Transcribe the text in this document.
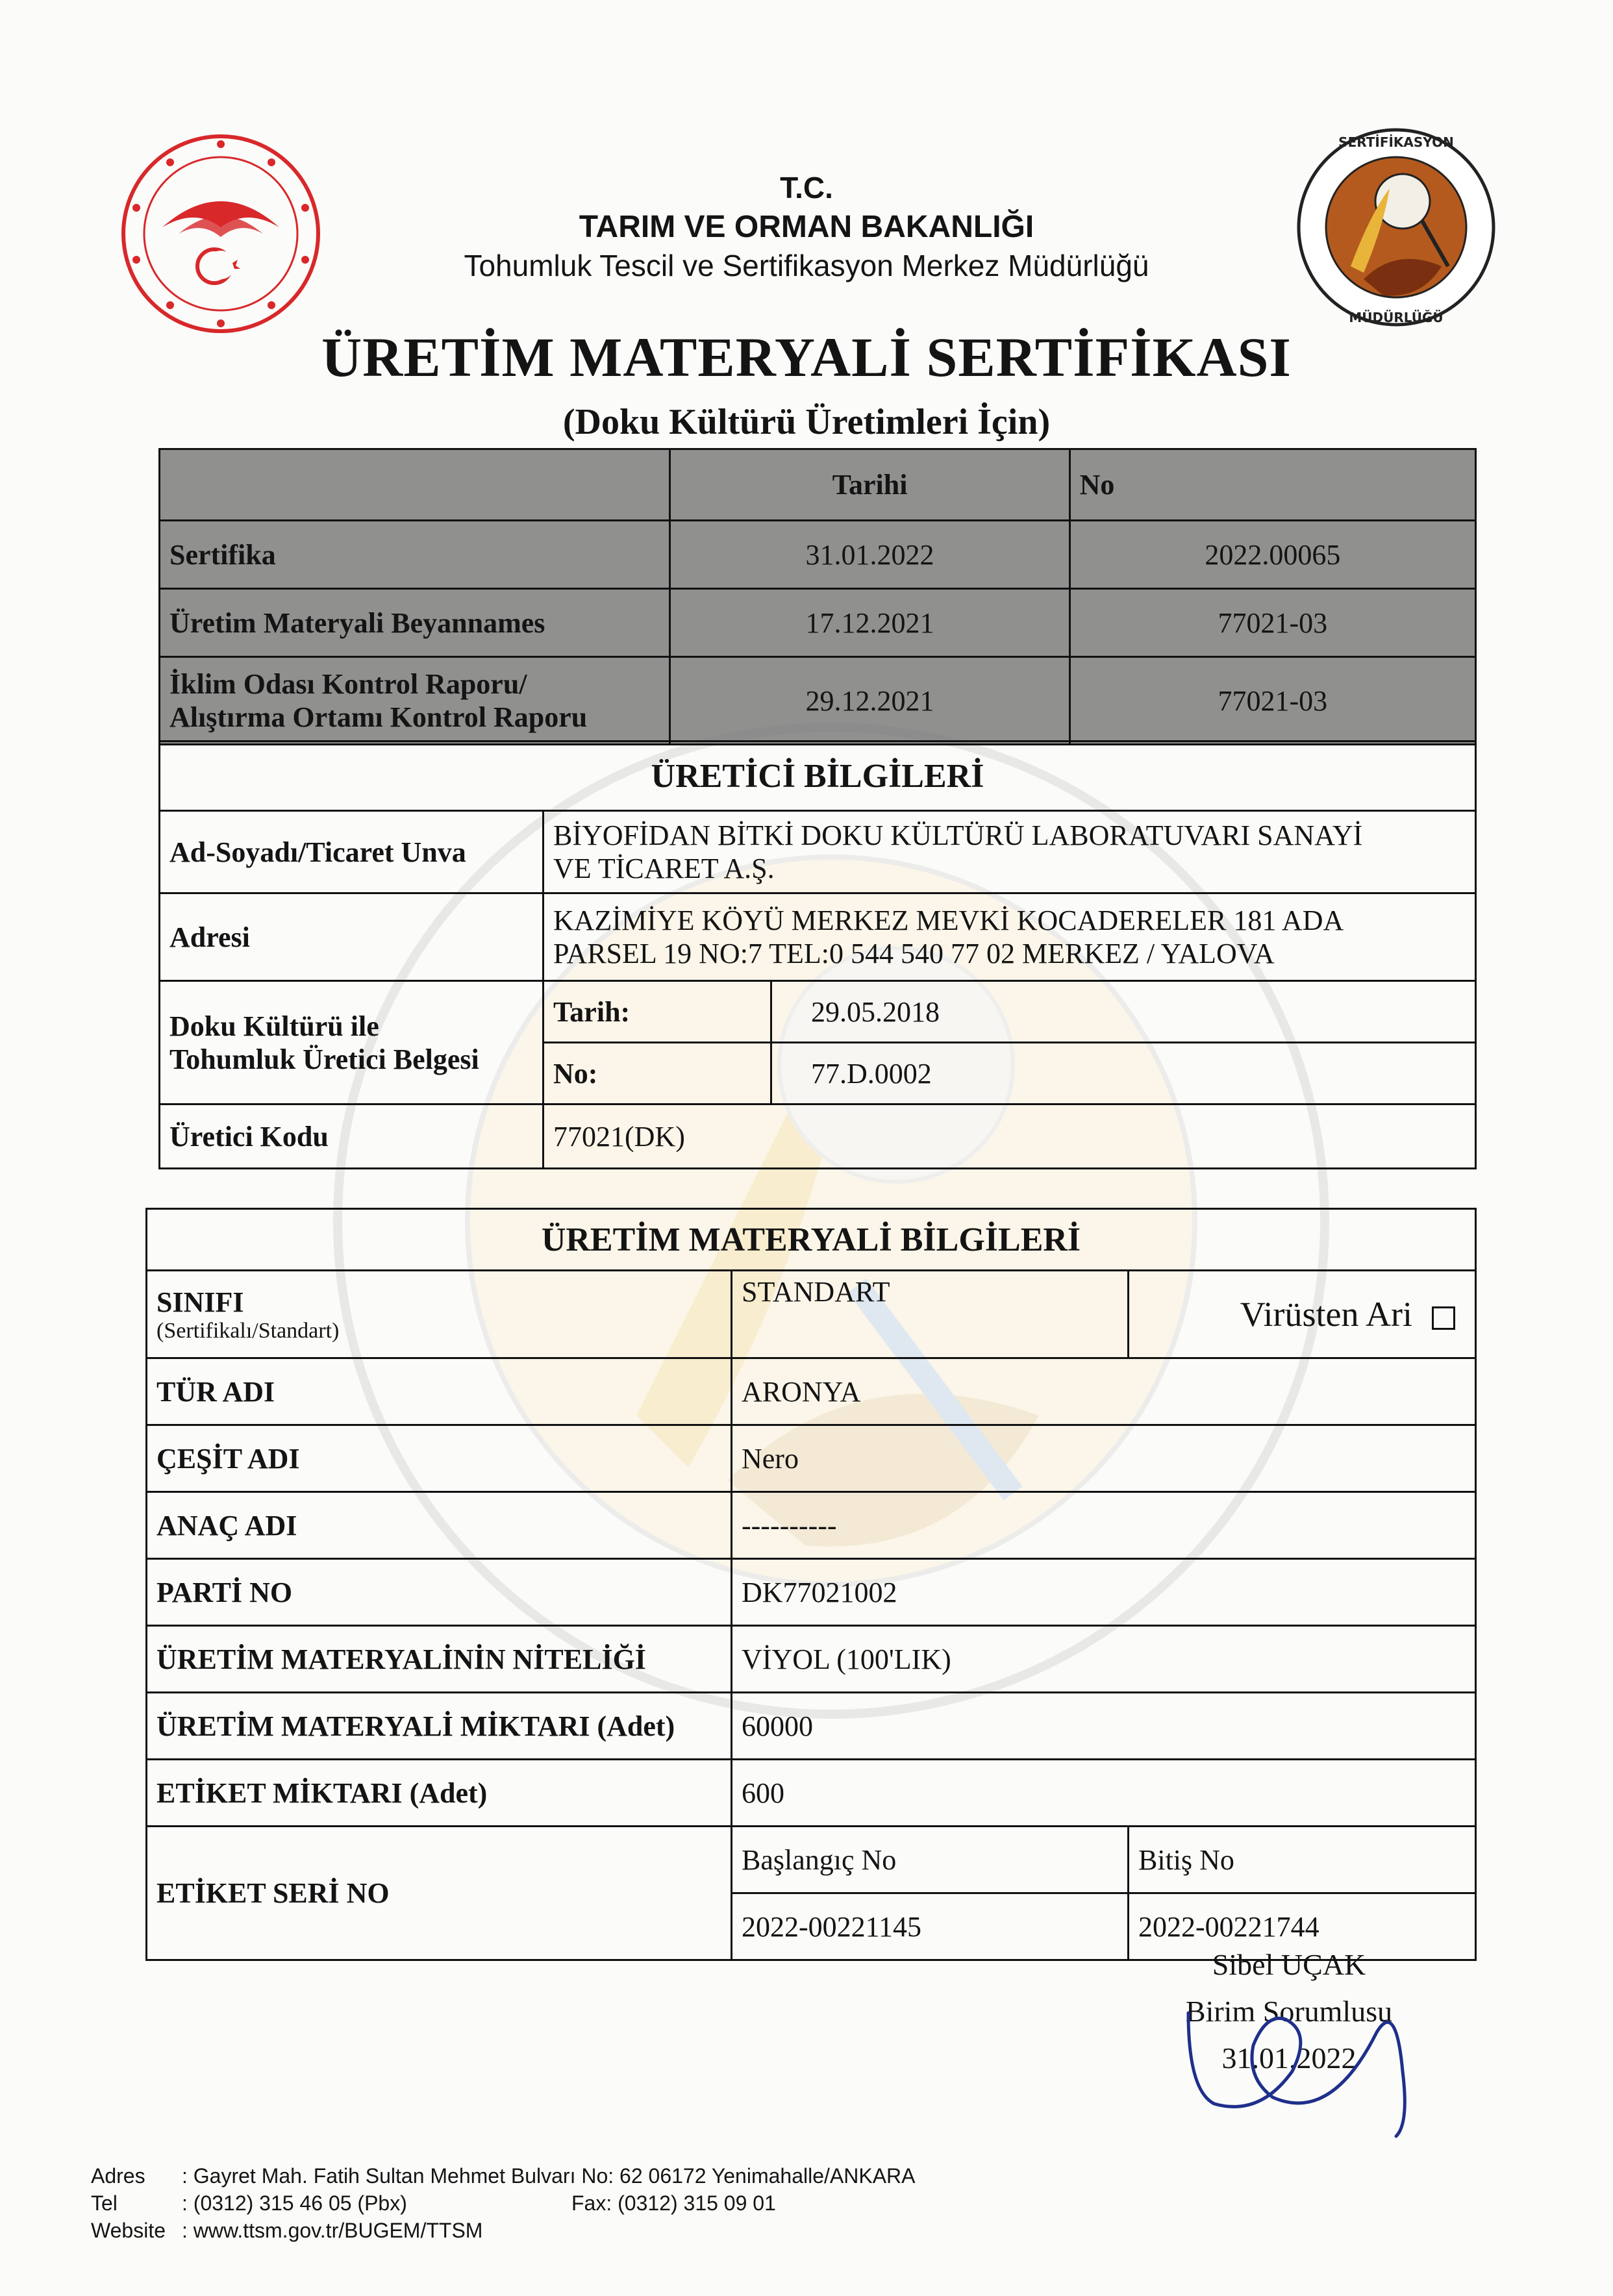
SERTİFİKASYON
MÜDÜRLÜĞÜ
T.C.
TARIM VE ORMAN BAKANLIĞI
Tohumluk Tescil ve Sertifikasyon Merkez Müdürlüğü
ÜRETİM MATERYALİ SERTİFİKASI
(Doku Kültürü Üretimleri İçin)
	Tarihi	No
Sertifika	31.01.2022	2022.00065
Üretim Materyali Beyannames	17.12.2021	77021-03

İklim Odası Kontrol Raporu/
Alıştırma Ortamı Kontrol Raporu	29.12.2021	77021-03
ÜRETİCİ BİLGİLERİ		
Ad-Soyadı/Ticaret Unva	BİYOFİDAN BİTKİ DOKU KÜLTÜRÜ LABORATUVARI SANAYİ
VE TİCARET A.Ş.	

Adresi	KAZİMİYE KÖYÜ MERKEZ MEVKİ KOCADERELER 181 ADA
PARSEL 19 NO:7 TEL:0 544 540 77 02 MERKEZ / YALOVA	

Doku Kültürü ile
Tohumluk Üretici Belgesi	Tarih:	29.05.2018
	No:	77.D.0002
Üretici Kodu	77021(DK)	
ÜRETİM MATERYALİ BİLGİLERİ		

SINIFI
(Sertifikalı/Standart)	STANDART	Virüsten Ari
TÜR ADI	ARONYA	
ÇEŞİT ADI	Nero	
ANAÇ ADI	----------	
PARTİ NO	DK77021002	
ÜRETİM MATERYALİNİN NİTELİĞİ	VİYOL (100'LIK)	
ÜRETİM MATERYALİ MİKTARI (Adet)	60000	
ETİKET MİKTARI (Adet)	600	
ETİKET SERİ NO	Başlangıç No	Bitiş No
	2022-00221145	2022-00221744
Sibel UÇAK
Birim Sorumlusu
31.01.2022
Adres : Gayret Mah. Fatih Sultan Mehmet Bulvarı No: 62 06172 Yenimahalle/ANKARA
Tel	: (0312) 315 46 05 (Pbx)	Fax: (0312) 315 09 01
Website : www.ttsm.gov.tr/BUGEM/TTSM
